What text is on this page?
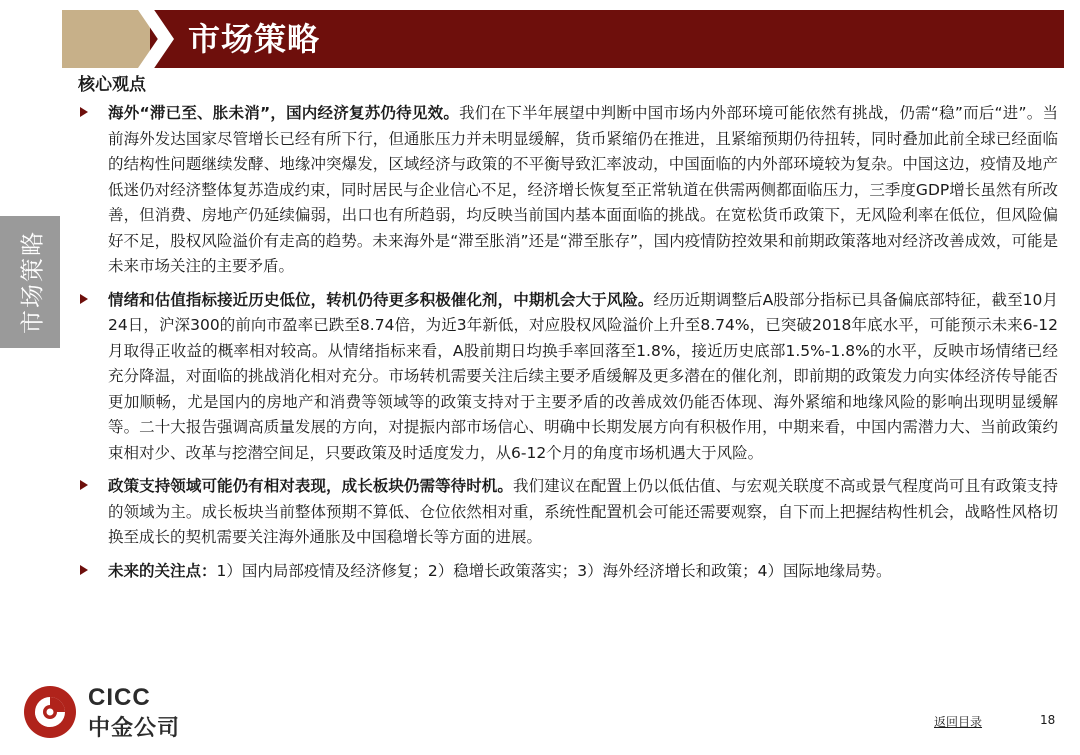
市场策略
市场策略
核心观点

海外“滞已至、胀未消”，国内经济复苏仍待见效。我们在下半年展望中判断中国市场内外部环境可能依然有挑战，仍需“稳”而后“进”。当前海外发达国家尽管增长已经有所下行，但通胀压力并未明显缓解，货币紧缩仍在推进，且紧缩预期仍待扭转，同时叠加此前全球已经面临的结构性问题继续发酵、地缘冲突爆发，区域经济与政策的不平衡导致汇率波动，中国面临的内外部环境较为复杂。中国这边，疫情及地产低迷仍对经济整体复苏造成约束，同时居民与企业信心不足，经济增长恢复至正常轨道在供需两侧都面临压力，三季度GDP增长虽然有所改善，但消费、房地产仍延续偏弱，出口也有所趋弱，均反映当前国内基本面面临的挑战。在宽松货币政策下，无风险利率在低位，但风险偏好不足，股权风险溢价有走高的趋势。未来海外是“滞至胀消”还是“滞至胀存”，国内疫情防控效果和前期政策落地对经济改善成效，可能是未来市场关注的主要矛盾。

情绪和估值指标接近历史低位，转机仍待更多积极催化剂，中期机会大于风险。经历近期调整后A股部分指标已具备偏底部特征，截至10月24日，沪深300的前向市盈率已跌至8.74倍，为近3年新低，对应股权风险溢价上升至8.74%，已突破2018年底水平，可能预示未来6-12月取得正收益的概率相对较高。从情绪指标来看，A股前期日均换手率回落至1.8%，接近历史底部1.5%-1.8%的水平，反映市场情绪已经充分降温，对面临的挑战消化相对充分。市场转机需要关注后续主要矛盾缓解及更多潜在的催化剂，即前期的政策发力向实体经济传导能否更加顺畅，尤是国内的房地产和消费等领域等的政策支持对于主要矛盾的改善成效仍能否体现、海外紧缩和地缘风险的影响出现明显缓解等。二十大报告强调高质量发展的方向，对提振内部市场信心、明确中长期发展方向有积极作用，中期来看，中国内需潜力大、当前政策约束相对少、改革与挖潜空间足，只要政策及时适度发力，从6-12个月的角度市场机遇大于风险。

政策支持领域可能仍有相对表现，成长板块仍需等待时机。我们建议在配置上仍以低估值、与宏观关联度不高或景气程度尚可且有政策支持的领域为主。成长板块当前整体预期不算低、仓位依然相对重，系统性配置机会可能还需要观察，自下而上把握结构性机会，战略性风格切换至成长的契机需要关注海外通胀及中国稳增长等方面的进展。

未来的关注点：1）国内局部疫情及经济修复；2）稳增长政策落实；3）海外经济增长和政策；4）国际地缘局势。

CICC
中金公司	返回目录	18
